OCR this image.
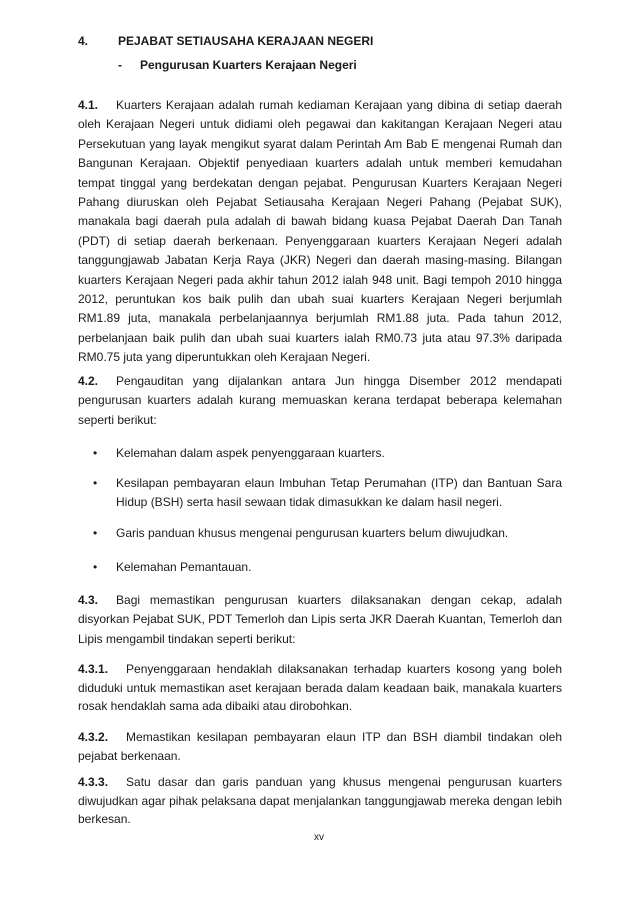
4. PEJABAT SETIAUSAHA KERAJAAN NEGERI
- Pengurusan Kuarters Kerajaan Negeri
4.1. Kuarters Kerajaan adalah rumah kediaman Kerajaan yang dibina di setiap daerah oleh Kerajaan Negeri untuk didiami oleh pegawai dan kakitangan Kerajaan Negeri atau Persekutuan yang layak mengikut syarat dalam Perintah Am Bab E mengenai Rumah dan Bangunan Kerajaan. Objektif penyediaan kuarters adalah untuk memberi kemudahan tempat tinggal yang berdekatan dengan pejabat. Pengurusan Kuarters Kerajaan Negeri Pahang diuruskan oleh Pejabat Setiausaha Kerajaan Negeri Pahang (Pejabat SUK), manakala bagi daerah pula adalah di bawah bidang kuasa Pejabat Daerah Dan Tanah (PDT) di setiap daerah berkenaan. Penyenggaraan kuarters Kerajaan Negeri adalah tanggungjawab Jabatan Kerja Raya (JKR) Negeri dan daerah masing-masing. Bilangan kuarters Kerajaan Negeri pada akhir tahun 2012 ialah 948 unit. Bagi tempoh 2010 hingga 2012, peruntukan kos baik pulih dan ubah suai kuarters Kerajaan Negeri berjumlah RM1.89 juta, manakala perbelanjaannya berjumlah RM1.88 juta. Pada tahun 2012, perbelanjaan baik pulih dan ubah suai kuarters ialah RM0.73 juta atau 97.3% daripada RM0.75 juta yang diperuntukkan oleh Kerajaan Negeri.
4.2. Pengauditan yang dijalankan antara Jun hingga Disember 2012 mendapati pengurusan kuarters adalah kurang memuaskan kerana terdapat beberapa kelemahan seperti berikut:
• Kelemahan dalam aspek penyenggaraan kuarters.
• Kesilapan pembayaran elaun Imbuhan Tetap Perumahan (ITP) dan Bantuan Sara Hidup (BSH) serta hasil sewaan tidak dimasukkan ke dalam hasil negeri.
• Garis panduan khusus mengenai pengurusan kuarters belum diwujudkan.
• Kelemahan Pemantauan.
4.3. Bagi memastikan pengurusan kuarters dilaksanakan dengan cekap, adalah disyorkan Pejabat SUK, PDT Temerloh dan Lipis serta JKR Daerah Kuantan, Temerloh dan Lipis mengambil tindakan seperti berikut:
4.3.1. Penyenggaraan hendaklah dilaksanakan terhadap kuarters kosong yang boleh diduduki untuk memastikan aset kerajaan berada dalam keadaan baik, manakala kuarters rosak hendaklah sama ada dibaiki atau dirobohkan.
4.3.2. Memastikan kesilapan pembayaran elaun ITP dan BSH diambil tindakan oleh pejabat berkenaan.
4.3.3. Satu dasar dan garis panduan yang khusus mengenai pengurusan kuarters diwujudkan agar pihak pelaksana dapat menjalankan tanggungjawab mereka dengan lebih berkesan.
xv
